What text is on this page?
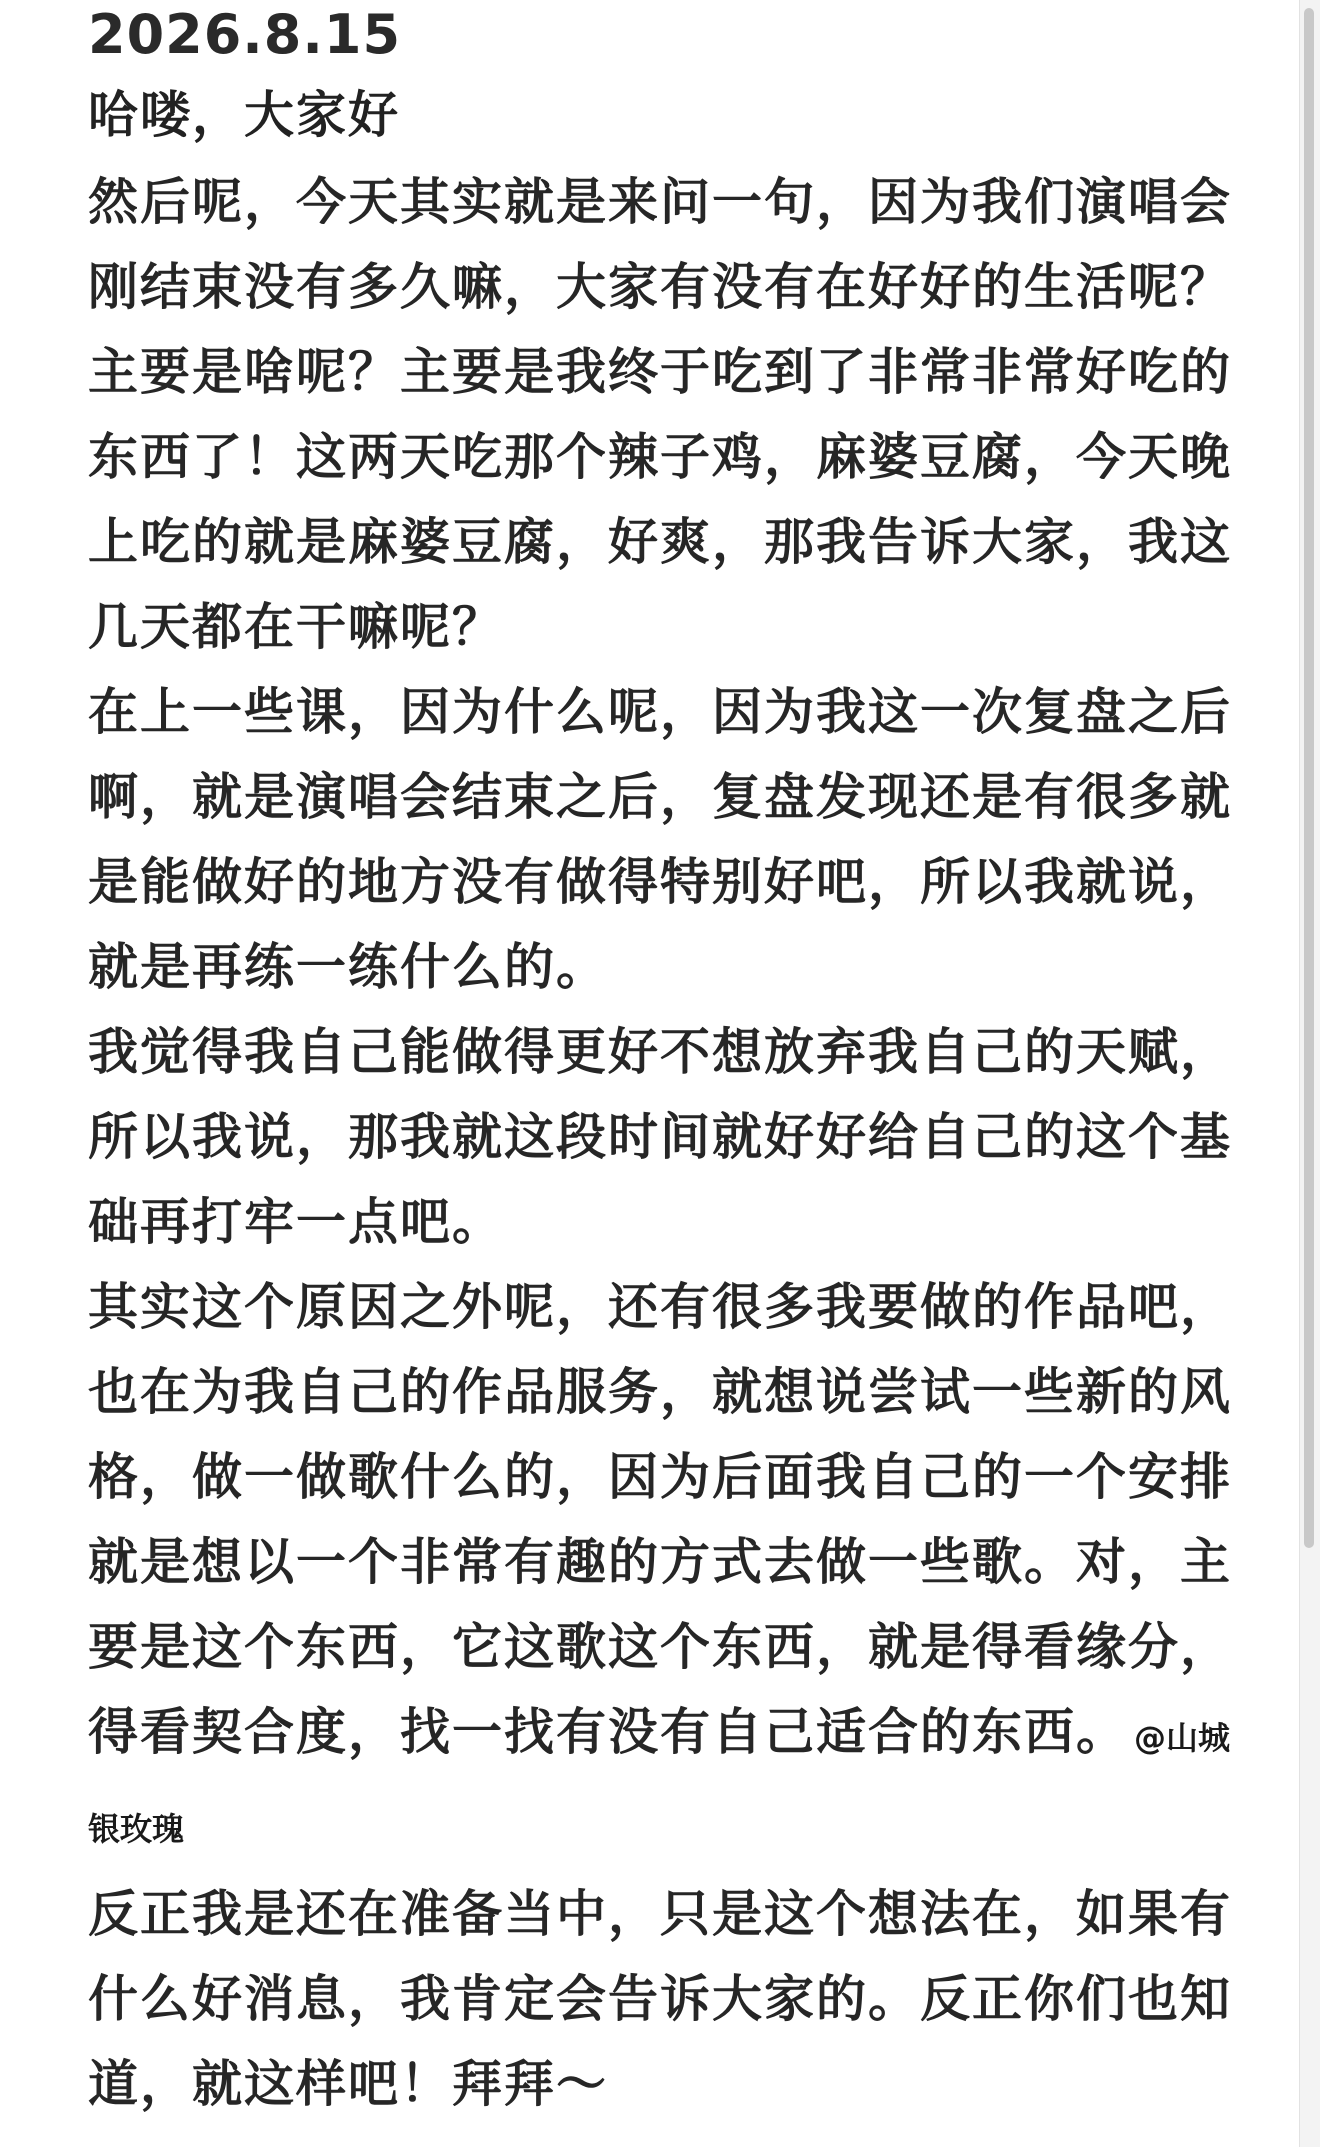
2026.8.15

哈喽，大家好

然后呢，今天其实就是来问一句，因为我们演唱会刚结束没有多久嘛，大家有没有在好好的生活呢？主要是啥呢？主要是我终于吃到了非常非常好吃的东西了！这两天吃那个辣子鸡，麻婆豆腐，今天晚上吃的就是麻婆豆腐，好爽，那我告诉大家，我这几天都在干嘛呢？

在上一些课，因为什么呢，因为我这一次复盘之后啊，就是演唱会结束之后，复盘发现还是有很多就是能做好的地方没有做得特别好吧，所以我就说，就是再练一练什么的。

我觉得我自己能做得更好不想放弃我自己的天赋，所以我说，那我就这段时间就好好给自己的这个基础再打牢一点吧。

其实这个原因之外呢，还有很多我要做的作品吧，也在为我自己的作品服务，就想说尝试一些新的风格，做一做歌什么的，因为后面我自己的一个安排就是想以一个非常有趣的方式去做一些歌。对，主要是这个东西，它这歌这个东西，就是得看缘分，得看契合度，找一找有没有自己适合的东西。 @山城银玫瑰

反正我是还在准备当中，只是这个想法在，如果有什么好消息，我肯定会告诉大家的。反正你们也知道，就这样吧！拜拜～
